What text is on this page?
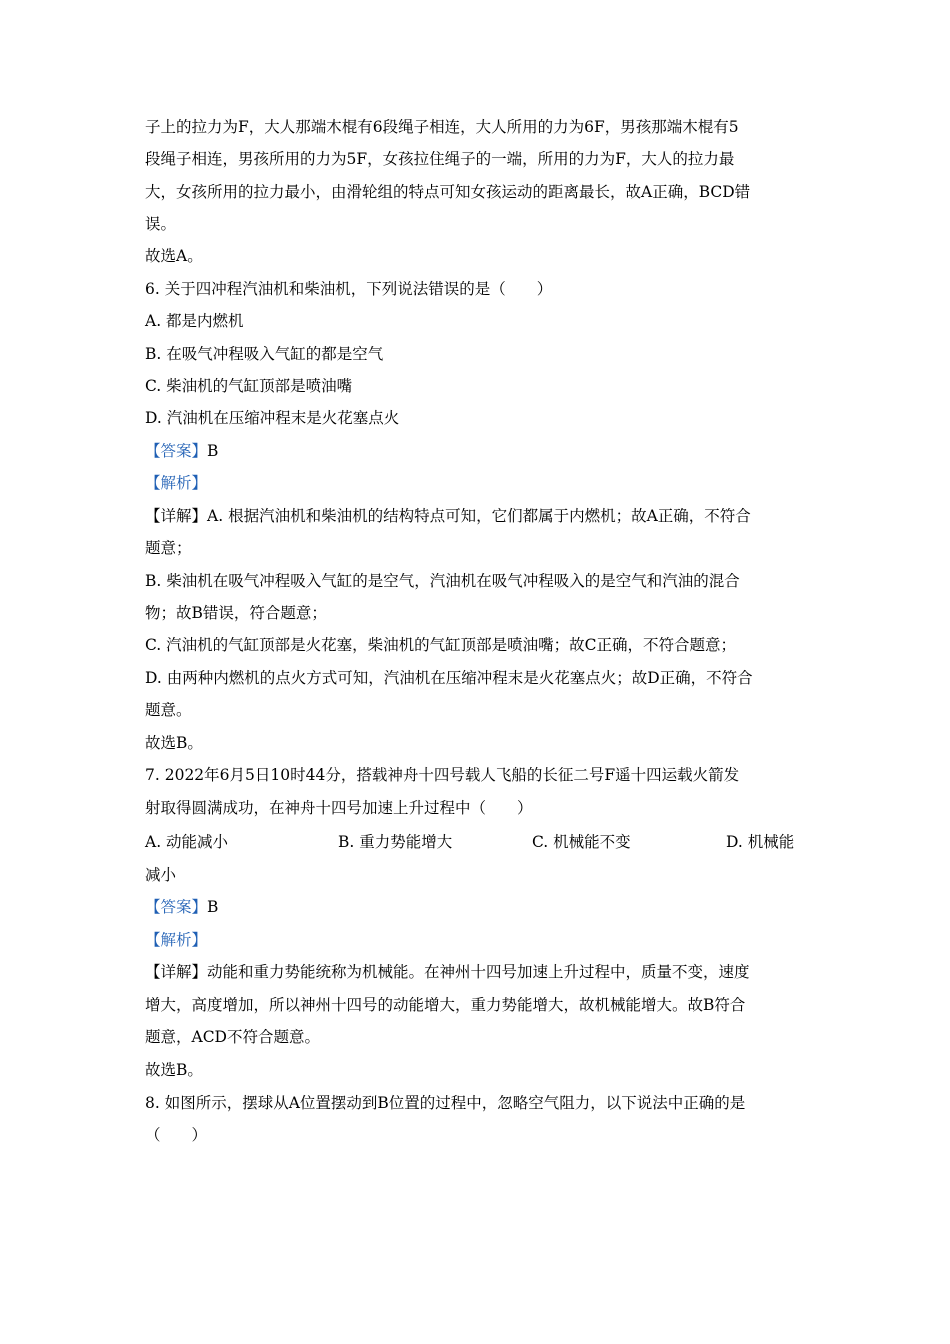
子上的拉力为F，大人那端木棍有6段绳子相连，大人所用的力为6F，男孩那端木棍有5
段绳子相连，男孩所用的力为5F，女孩拉住绳子的一端，所用的力为F，大人的拉力最
大，女孩所用的拉力最小，由滑轮组的特点可知女孩运动的距离最长，故A正确，BCD错
误。
故选A。
6. 关于四冲程汽油机和柴油机，下列说法错误的是（　　）
A. 都是内燃机
B. 在吸气冲程吸入气缸的都是空气
C. 柴油机的气缸顶部是喷油嘴
D. 汽油机在压缩冲程末是火花塞点火
【答案】B
【解析】
【详解】A. 根据汽油机和柴油机的结构特点可知，它们都属于内燃机；故A正确，不符合
题意；
B. 柴油机在吸气冲程吸入气缸的是空气，汽油机在吸气冲程吸入的是空气和汽油的混合
物；故B错误，符合题意；
C. 汽油机的气缸顶部是火花塞，柴油机的气缸顶部是喷油嘴；故C正确，不符合题意；
D. 由两种内燃机的点火方式可知，汽油机在压缩冲程末是火花塞点火；故D正确，不符合
题意。
故选B。
7. 2022年6月5日10时44分，搭载神舟十四号载人飞船的长征二号F遥十四运载火箭发
射取得圆满成功，在神舟十四号加速上升过程中（　　）
A. 动能减小	B. 重力势能增大	C. 机械能不变	D. 机械能
减小
【答案】B
【解析】
【详解】动能和重力势能统称为机械能。在神州十四号加速上升过程中，质量不变，速度
增大，高度增加，所以神州十四号的动能增大，重力势能增大，故机械能增大。故B符合
题意，ACD不符合题意。
故选B。
8. 如图所示，摆球从A位置摆动到B位置的过程中，忽略空气阻力，以下说法中正确的是
（　　）
